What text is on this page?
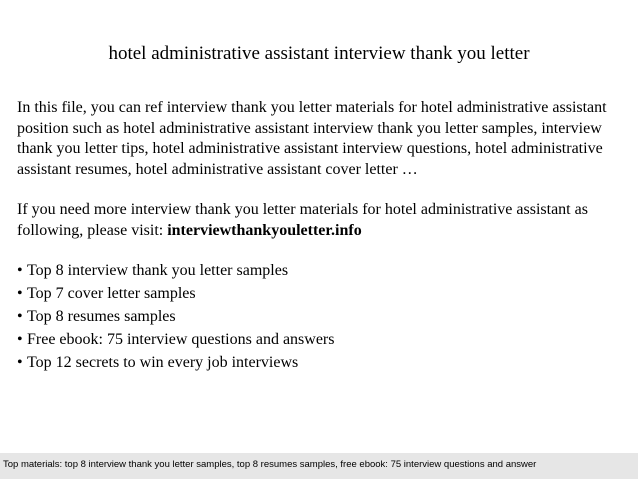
hotel administrative assistant interview thank you letter

In this file, you can ref interview thank you letter materials for hotel administrative assistant position such as hotel administrative assistant interview thank you letter samples, interview thank you letter tips, hotel administrative assistant interview questions, hotel administrative assistant resumes, hotel administrative assistant cover letter …

If you need more interview thank you letter materials for hotel administrative assistant as following, please visit: interviewthankyouletter.info

• Top 8 interview thank you letter samples
• Top 7 cover letter samples
• Top 8 resumes samples
• Free ebook: 75 interview questions and answers
• Top 12 secrets to win every job interviews
Top materials: top 8 interview thank you letter samples, top 8 resumes samples, free ebook: 75 interview questions and answer
